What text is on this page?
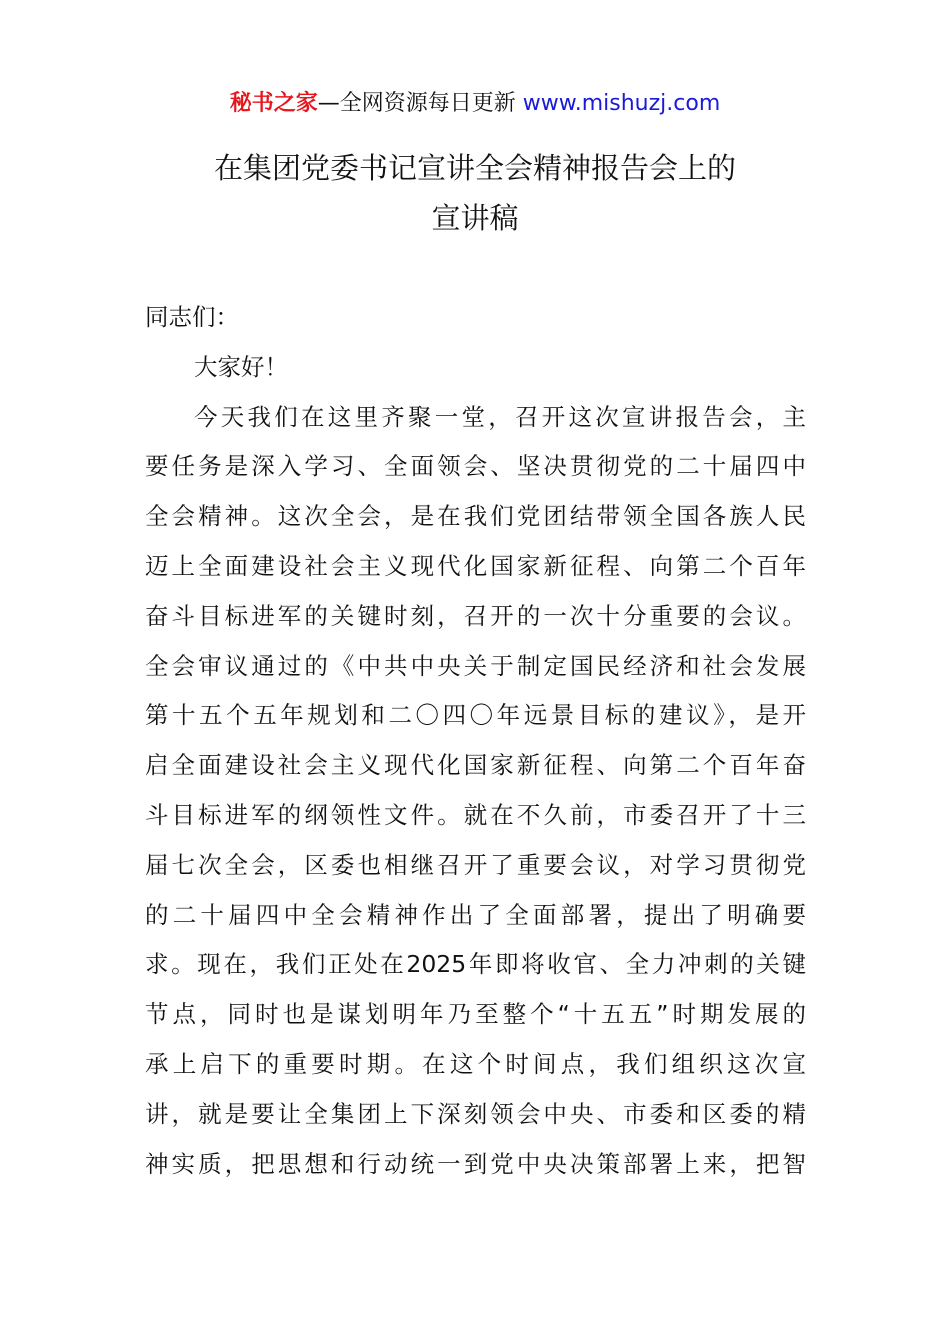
秘书之家—全网资源每日更新 www.mishuzj.com
在集团党委书记宣讲全会精神报告会上的
宣讲稿
同志们：
大家好！
今天我们在这里齐聚一堂，召开这次宣讲报告会，主
要任务是深入学习、全面领会、坚决贯彻党的二十届四中
全会精神。这次全会，是在我们党团结带领全国各族人民
迈上全面建设社会主义现代化国家新征程、向第二个百年
奋斗目标进军的关键时刻，召开的一次十分重要的会议。
全会审议通过的《中共中央关于制定国民经济和社会发展
第十五个五年规划和二〇四〇年远景目标的建议》，是开
启全面建设社会主义现代化国家新征程、向第二个百年奋
斗目标进军的纲领性文件。就在不久前，市委召开了十三
届七次全会，区委也相继召开了重要会议，对学习贯彻党
的二十届四中全会精神作出了全面部署，提出了明确要
求。现在，我们正处在2025年即将收官、全力冲刺的关键
节点，同时也是谋划明年乃至整个“十五五”时期发展的
承上启下的重要时期。在这个时间点，我们组织这次宣
讲，就是要让全集团上下深刻领会中央、市委和区委的精
神实质，把思想和行动统一到党中央决策部署上来，把智
